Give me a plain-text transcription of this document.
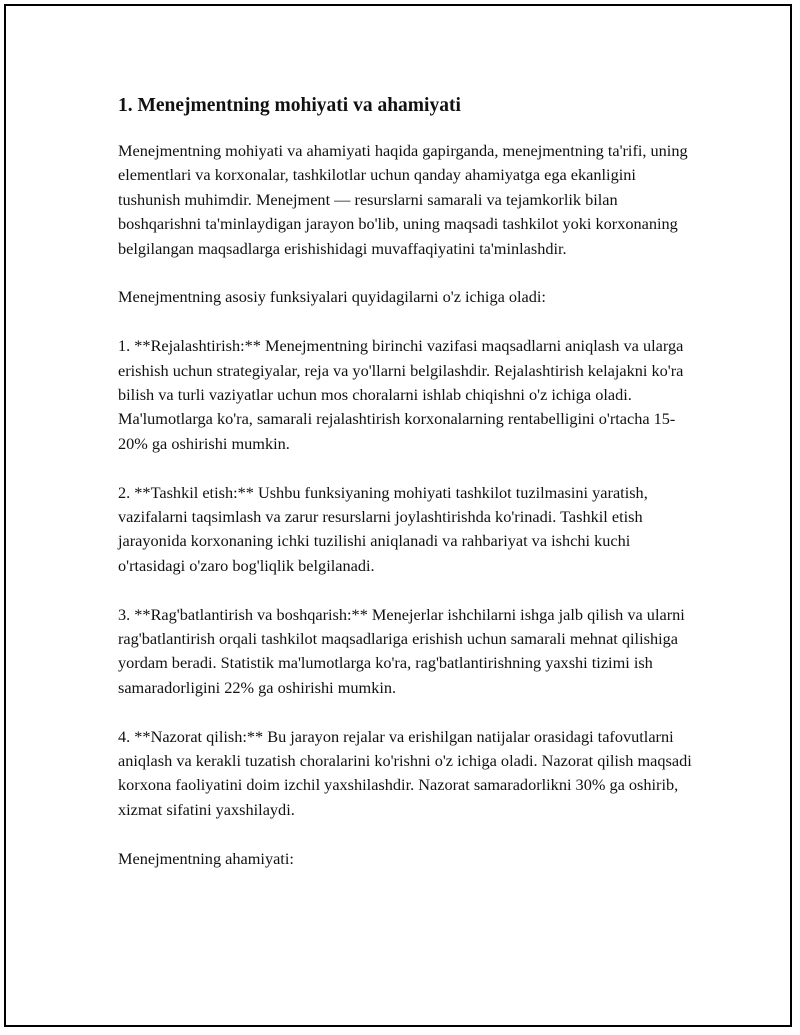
1. Menejmentning mohiyati va ahamiyati

Menejmentning mohiyati va ahamiyati haqida gapirganda, menejmentning ta'rifi, uning elementlari va korxonalar, tashkilotlar uchun qanday ahamiyatga ega ekanligini tushunish muhimdir. Menejment — resurslarni samarali va tejamkorlik bilan boshqarishni ta'minlaydigan jarayon bo'lib, uning maqsadi tashkilot yoki korxonaning belgilangan maqsadlarga erishishidagi muvaffaqiyatini ta'minlashdir.

Menejmentning asosiy funksiyalari quyidagilarni o'z ichiga oladi:

1. **Rejalashtirish:** Menejmentning birinchi vazifasi maqsadlarni aniqlash va ularga erishish uchun strategiyalar, reja va yo'llarni belgilashdir. Rejalashtirish kelajakni ko'ra bilish va turli vaziyatlar uchun mos choralarni ishlab chiqishni o'z ichiga oladi. Ma'lumotlarga ko'ra, samarali rejalashtirish korxonalarning rentabelligini o'rtacha 15-20% ga oshirishi mumkin.

2. **Tashkil etish:** Ushbu funksiyaning mohiyati tashkilot tuzilmasini yaratish, vazifalarni taqsimlash va zarur resurslarni joylashtirishda ko'rinadi. Tashkil etish jarayonida korxonaning ichki tuzilishi aniqlanadi va rahbariyat va ishchi kuchi o'rtasidagi o'zaro bog'liqlik belgilanadi.

3. **Rag'batlantirish va boshqarish:** Menejerlar ishchilarni ishga jalb qilish va ularni rag'batlantirish orqali tashkilot maqsadlariga erishish uchun samarali mehnat qilishiga yordam beradi. Statistik ma'lumotlarga ko'ra, rag'batlantirishning yaxshi tizimi ish samaradorligini 22% ga oshirishi mumkin.

4. **Nazorat qilish:** Bu jarayon rejalar va erishilgan natijalar orasidagi tafovutlarni aniqlash va kerakli tuzatish choralarini ko'rishni o'z ichiga oladi. Nazorat qilish maqsadi korxona faoliyatini doim izchil yaxshilashdir. Nazorat samaradorlikni 30% ga oshirib, xizmat sifatini yaxshilaydi.

Menejmentning ahamiyati:
